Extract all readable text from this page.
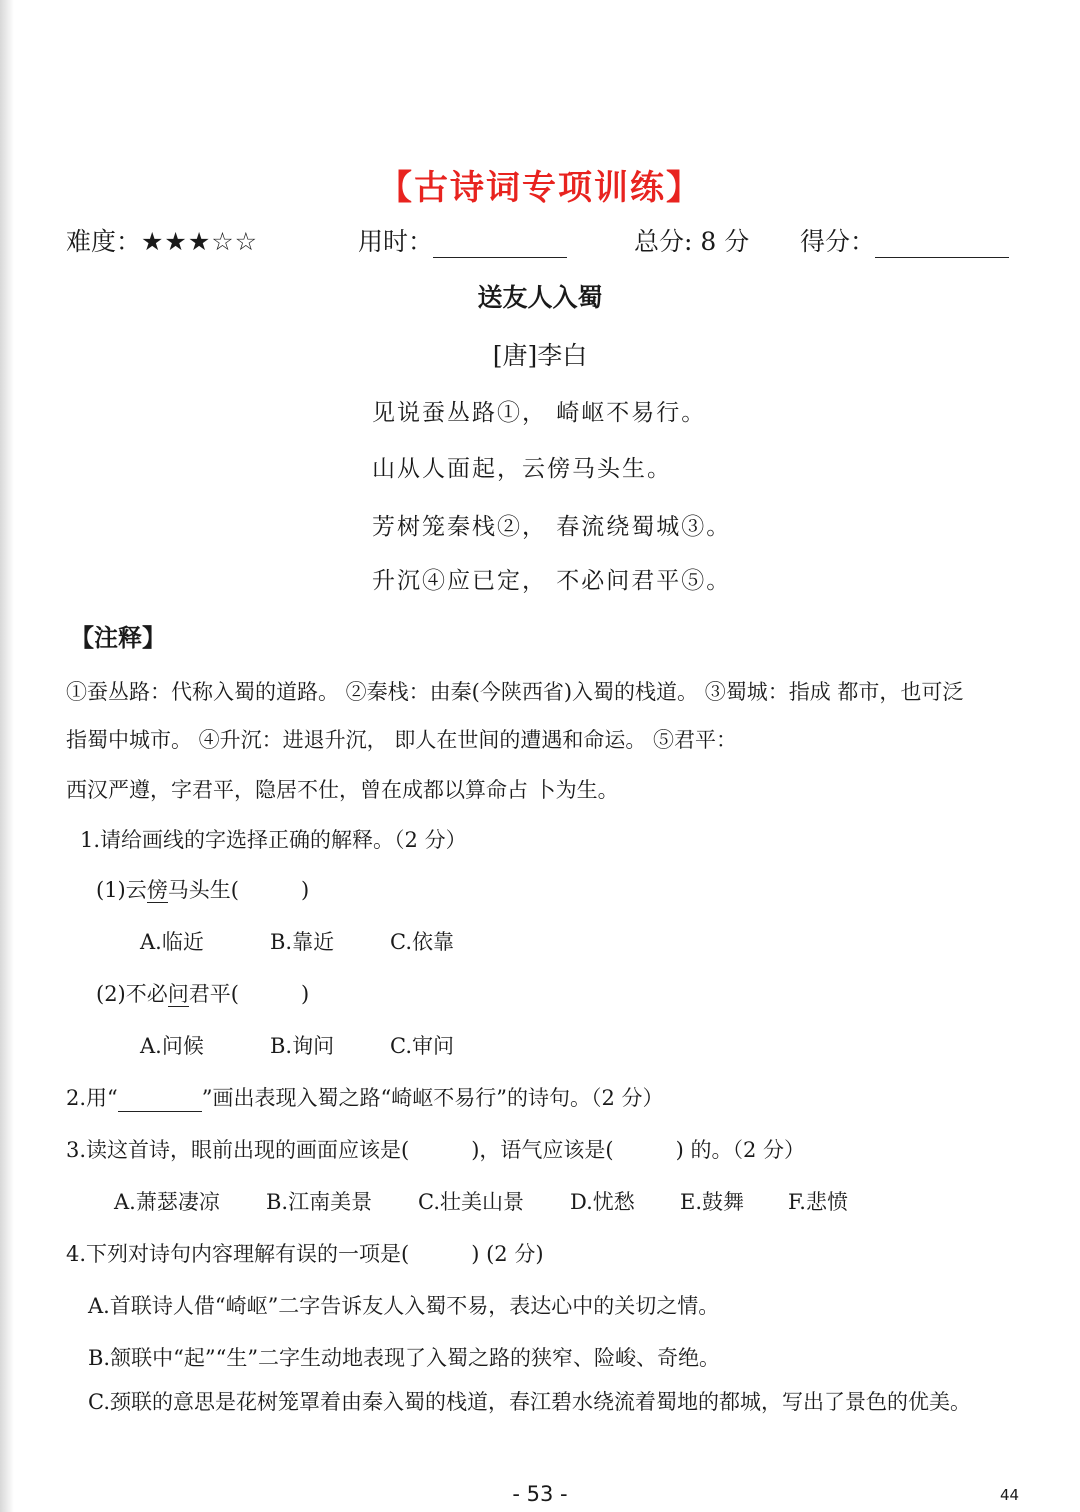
【古诗词专项训练】
难度：★★★☆☆	用时：	总分: 8 分 得分：
送友人入蜀
[唐]李白
见说蚕丛路①， 崎岖不易行。
山从人面起，云傍马头生。
芳树笼秦栈②， 春流绕蜀城③。
升沉④应已定， 不必问君平⑤。
【注释】
①蚕丛路：代称入蜀的道路。 ②秦栈：由秦(今陕西省)入蜀的栈道。 ③蜀城：指成 都市，也可泛
指蜀中城市。 ④升沉：进退升沉， 即人在世间的遭遇和命运。 ⑤君平：
西汉严遵，字君平，隐居不仕，曾在成都以算命占 卜为生。
1.请给画线的字选择正确的解释。（2 分）
(1)云傍马头生(	)
A.临近	B.靠近	C.依靠
(2)不必问君平(	)
A.问候	B.询问	C.审问
2.用“	”画出表现入蜀之路“崎岖不易行”的诗句。（2 分）
3.读这首诗，眼前出现的画面应该是(	)，语气应该是(	) 的。（2 分）
A.萧瑟凄凉 B.江南美景 C.壮美山景 D.忧愁 E.鼓舞 F.悲愤
4.下列对诗句内容理解有误的一项是(	) (2 分)
A.首联诗人借“崎岖”二字告诉友人入蜀不易，表达心中的关切之情。
B.颔联中“起”“生”二字生动地表现了入蜀之路的狭窄、险峻、奇绝。
C.颈联的意思是花树笼罩着由秦入蜀的栈道，春江碧水绕流着蜀地的都城，写出了景色的优美。
- 53 -	44
